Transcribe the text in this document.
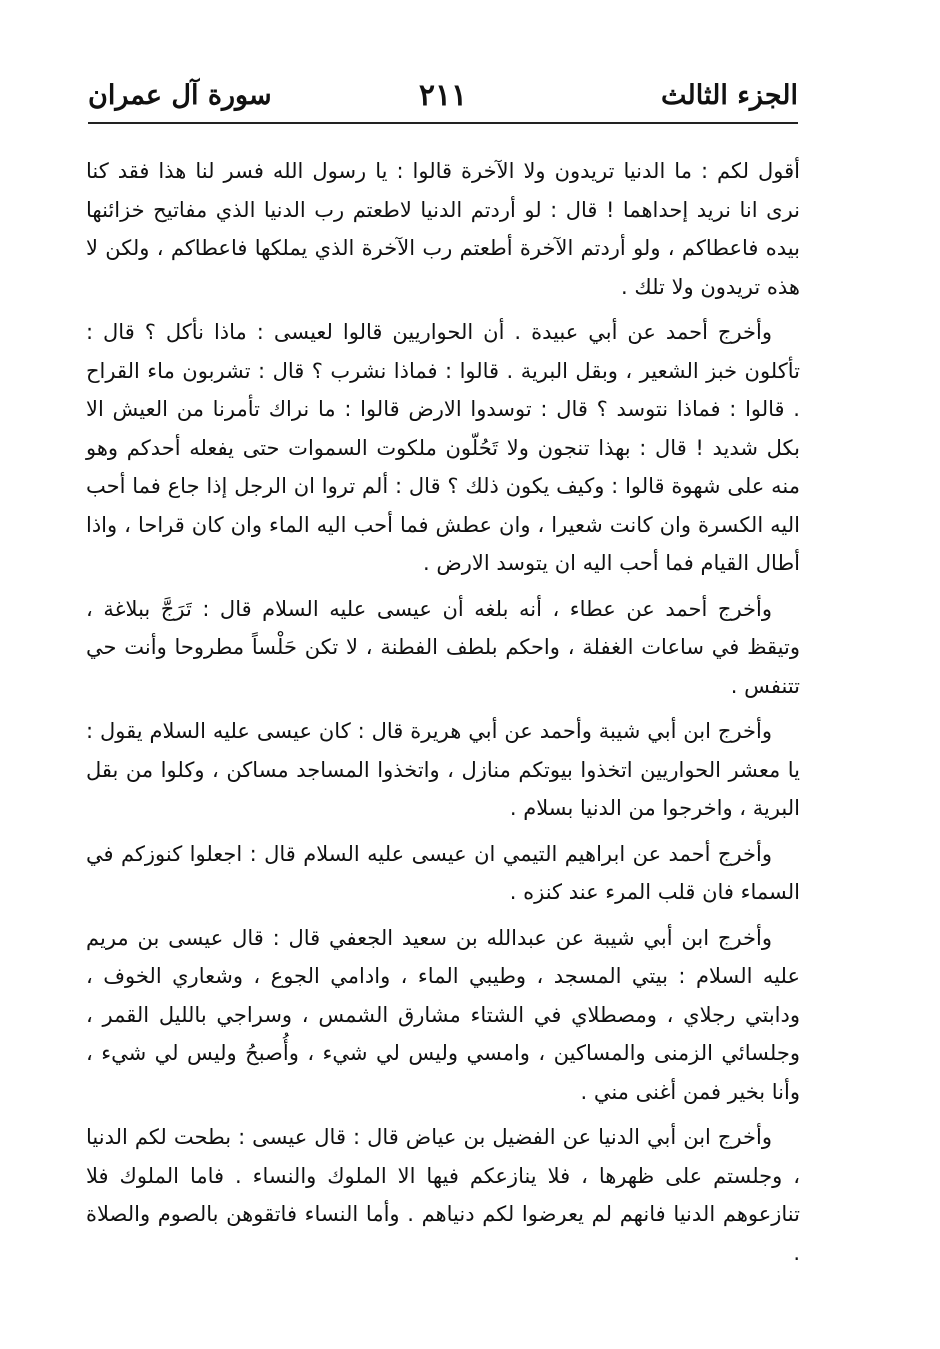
الجزء الثالث
٢١١
سورة آل عمران

أقول لكم : ما الدنيا تريدون ولا الآخرة قالوا : يا رسول الله فسر لنا هذا فقد كنا نرى انا نريد إحداهما ! قال : لو أردتم الدنيا لاطعتم رب الدنيا الذي مفاتيح خزائنها بيده فاعطاكم ، ولو أردتم الآخرة أطعتم رب الآخرة الذي يملكها فاعطاكم ، ولكن لا هذه تريدون ولا تلك .

وأخرج أحمد عن أبي عبيدة . أن الحواريين قالوا لعيسى : ماذا نأكل ؟ قال : تأكلون خبز الشعير ، وبقل البرية . قالوا : فماذا نشرب ؟ قال : تشربون ماء القراح . قالوا : فماذا نتوسد ؟ قال : توسدوا الارض قالوا : ما نراك تأمرنا من العيش الا بكل شديد ! قال : بهذا تنجون ولا تَحُلّون ملكوت السموات حتى يفعله أحدكم وهو منه على شهوة قالوا : وكيف يكون ذلك ؟ قال : ألم تروا ان الرجل إذا جاع فما أحب اليه الكسرة وان كانت شعيرا ، وان عطش فما أحب اليه الماء وان كان قراحا ، واذا أطال القيام فما أحب اليه ان يتوسد الارض .

وأخرج أحمد عن عطاء ، أنه بلغه أن عيسى عليه السلام قال : تَرَجَّ ببلاغة ، وتيقظ في ساعات الغفلة ، واحكم بلطف الفطنة ، لا تكن حَلْساً مطروحا وأنت حي تتنفس .

وأخرج ابن أبي شيبة وأحمد عن أبي هريرة قال : كان عيسى عليه السلام يقول : يا معشر الحواريين اتخذوا بيوتكم منازل ، واتخذوا المساجد مساكن ، وكلوا من بقل البرية ، واخرجوا من الدنيا بسلام .

وأخرج أحمد عن ابراهيم التيمي ان عيسى عليه السلام قال : اجعلوا كنوزكم في السماء فان قلب المرء عند كنزه .

وأخرج ابن أبي شيبة عن عبدالله بن سعيد الجعفي قال : قال عيسى بن مريم عليه السلام : بيتي المسجد ، وطيبي الماء ، وادامي الجوع ، وشعاري الخوف ، ودابتي رجلاي ، ومصطلاي في الشتاء مشارق الشمس ، وسراجي بالليل القمر ، وجلسائي الزمنى والمساكين ، وامسي وليس لي شيء ، وأُصبحُ وليس لي شيء ، وأنا بخير فمن أغنى مني .

وأخرج ابن أبي الدنيا عن الفضيل بن عياض قال : قال عيسى : بطحت لكم الدنيا ، وجلستم على ظهرها ، فلا ينازعكم فيها الا الملوك والنساء . فاما الملوك فلا تنازعوهم الدنيا فانهم لم يعرضوا لكم دنياهم . وأما النساء فاتقوهن بالصوم والصلاة .
